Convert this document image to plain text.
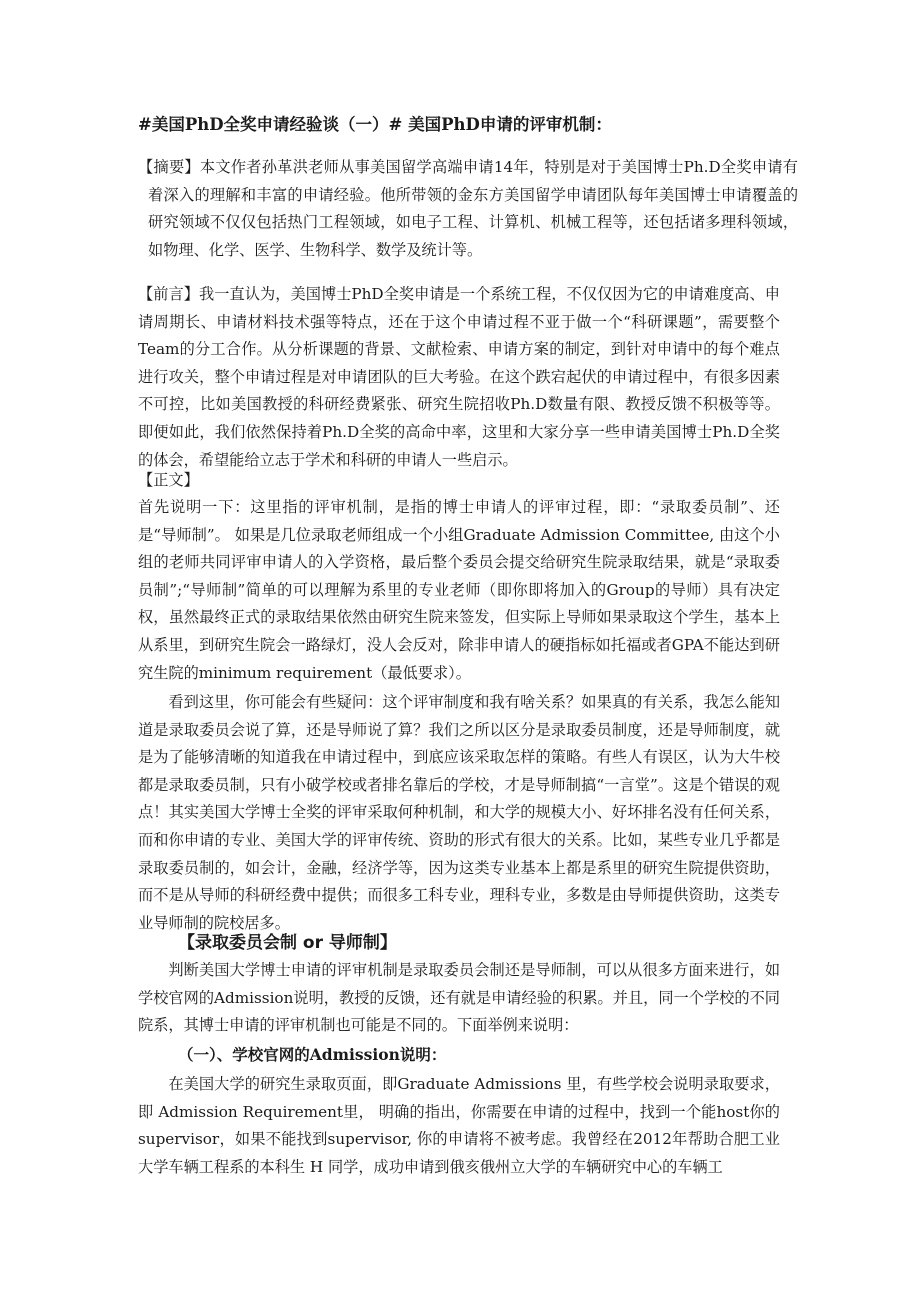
#美国PhD全奖申请经验谈（一）# 美国PhD申请的评审机制：

【摘要】本文作者孙革洪老师从事美国留学高端申请14年，特别是对于美国博士Ph.D全奖申请有着深入的理解和丰富的申请经验。他所带领的金东方美国留学申请团队每年美国博士申请覆盖的研究领域不仅仅包括热门工程领域，如电子工程、计算机、机械工程等，还包括诸多理科领域，如物理、化学、医学、生物科学、数学及统计等。

【前言】我一直认为，美国博士PhD全奖申请是一个系统工程，不仅仅因为它的申请难度高、申请周期长、申请材料技术强等特点，还在于这个申请过程不亚于做一个“科研课题”，需要整个Team的分工合作。从分析课题的背景、文献检索、申请方案的制定，到针对申请中的每个难点进行攻关，整个申请过程是对申请团队的巨大考验。在这个跌宕起伏的申请过程中，有很多因素不可控，比如美国教授的科研经费紧张、研究生院招收Ph.D数量有限、教授反馈不积极等等。即便如此，我们依然保持着Ph.D全奖的高命中率，这里和大家分享一些申请美国博士Ph.D全奖的体会，希望能给立志于学术和科研的申请人一些启示。

【正文】

首先说明一下：这里指的评审机制，是指的博士申请人的评审过程，即：“录取委员制”、还是“导师制”。 如果是几位录取老师组成一个小组Graduate Admission Committee, 由这个小组的老师共同评审申请人的入学资格，最后整个委员会提交给研究生院录取结果，就是“录取委员制”;“导师制”简单的可以理解为系里的专业老师（即你即将加入的Group的导师）具有决定权，虽然最终正式的录取结果依然由研究生院来签发，但实际上导师如果录取这个学生，基本上从系里，到研究生院会一路绿灯，没人会反对，除非申请人的硬指标如托福或者GPA不能达到研究生院的minimum requirement（最低要求）。

看到这里，你可能会有些疑问：这个评审制度和我有啥关系？如果真的有关系，我怎么能知道是录取委员会说了算，还是导师说了算？我们之所以区分是录取委员制度，还是导师制度，就是为了能够清晰的知道我在申请过程中，到底应该采取怎样的策略。有些人有误区，认为大牛校都是录取委员制，只有小破学校或者排名靠后的学校，才是导师制搞“一言堂”。这是个错误的观点！其实美国大学博士全奖的评审采取何种机制，和大学的规模大小、好坏排名没有任何关系，而和你申请的专业、美国大学的评审传统、资助的形式有很大的关系。比如，某些专业几乎都是录取委员制的，如会计，金融，经济学等，因为这类专业基本上都是系里的研究生院提供资助，而不是从导师的科研经费中提供；而很多工科专业，理科专业，多数是由导师提供资助，这类专业导师制的院校居多。

【录取委员会制 or 导师制】

判断美国大学博士申请的评审机制是录取委员会制还是导师制，可以从很多方面来进行，如学校官网的Admission说明，教授的反馈，还有就是申请经验的积累。并且，同一个学校的不同院系，其博士申请的评审机制也可能是不同的。下面举例来说明：

（一）、学校官网的Admission说明：

在美国大学的研究生录取页面，即Graduate Admissions 里，有些学校会说明录取要求，即 Admission Requirement里， 明确的指出，你需要在申请的过程中，找到一个能host你的supervisor，如果不能找到supervisor, 你的申请将不被考虑。我曾经在2012年帮助合肥工业大学车辆工程系的本科生 H 同学，成功申请到俄亥俄州立大学的车辆研究中心的车辆工
